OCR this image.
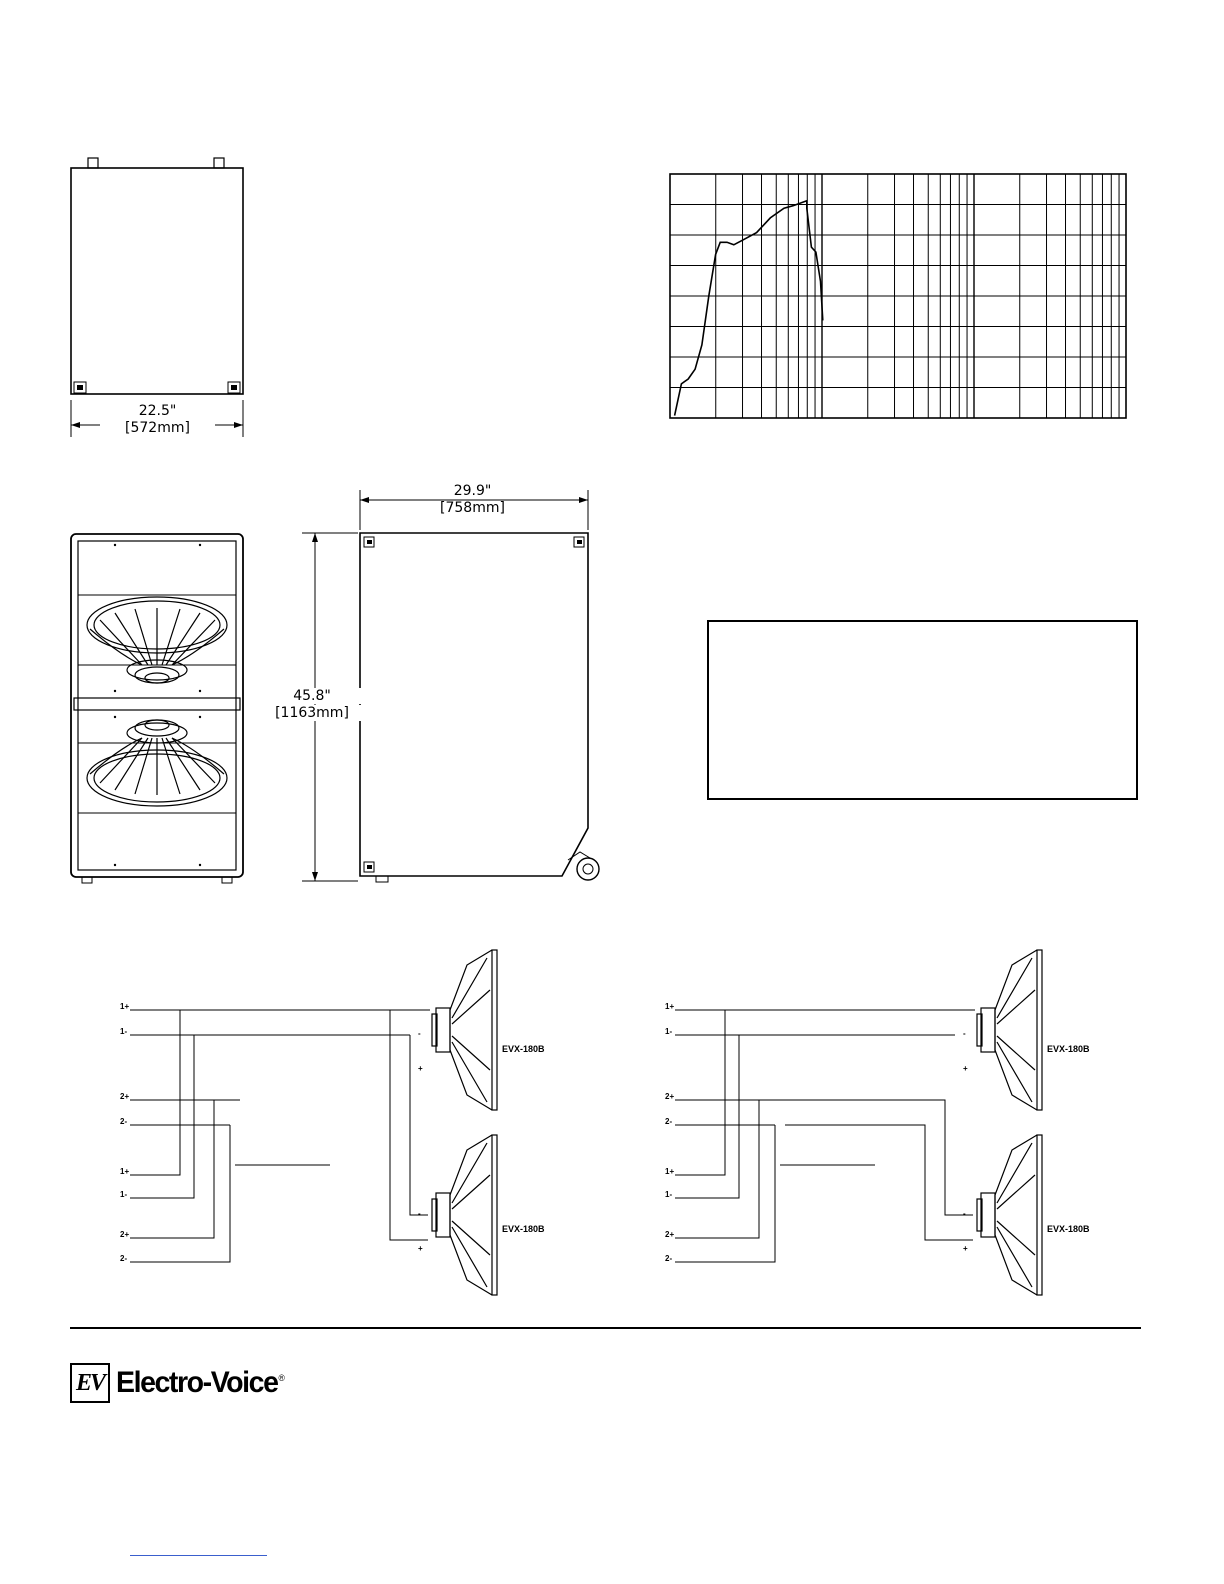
22.5"
[572mm]
29.9"
[758mm]
45.8"
[1163mm]
1+
1-
2+
2-
1+
1-
2+
2-
EVX-180B
EVX-180B
-
+
-
+
1+
1-
2+
2-
1+
1-
2+
2-
EVX-180B
EVX-180B
-
+
-
+
EV Electro-Voice®
